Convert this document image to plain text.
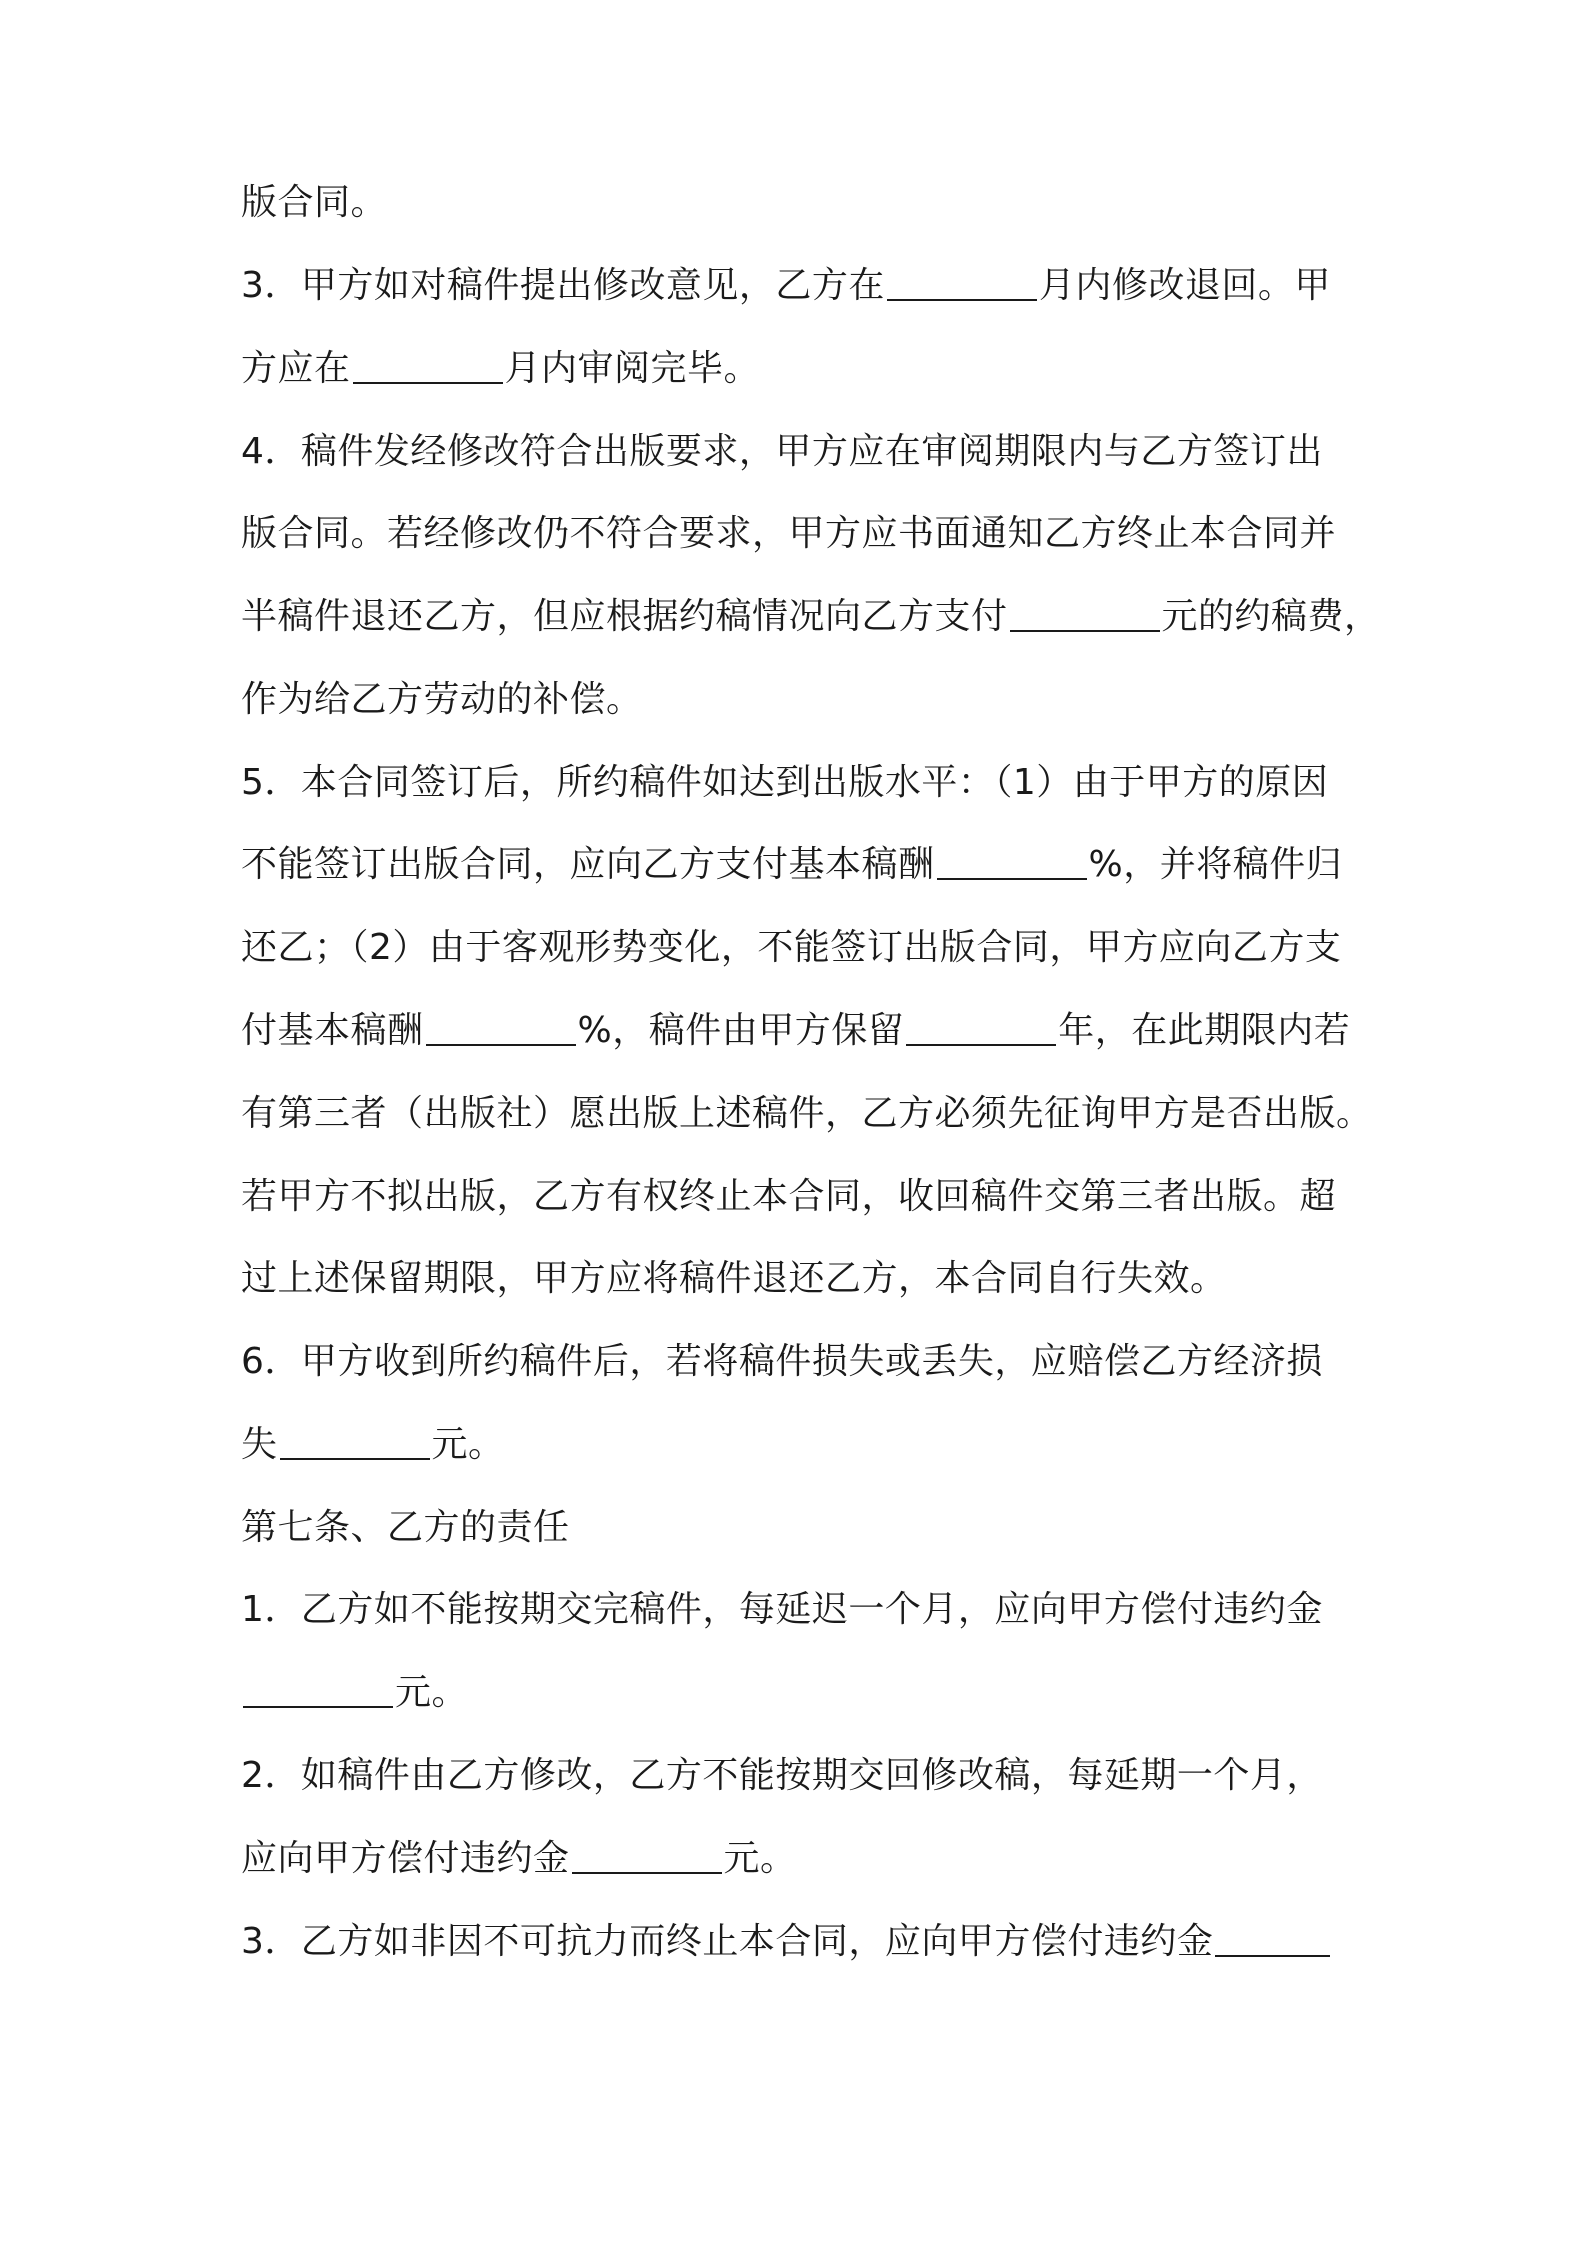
版合同。
3．甲方如对稿件提出修改意见，乙方在	月内修改退回。甲
方应在	月内审阅完毕。
4．稿件发经修改符合出版要求，甲方应在审阅期限内与乙方签订出
版合同。若经修改仍不符合要求，甲方应书面通知乙方终止本合同并
半稿件退还乙方，但应根据约稿情况向乙方支付	元的约稿费，
作为给乙方劳动的补偿。
5．本合同签订后，所约稿件如达到出版水平：（1）由于甲方的原因
不能签订出版合同，应向乙方支付基本稿酬	%，并将稿件归
还乙；（2）由于客观形势变化，不能签订出版合同，甲方应向乙方支
付基本稿酬	%，稿件由甲方保留	年，在此期限内若
有第三者（出版社）愿出版上述稿件，乙方必须先征询甲方是否出版。
若甲方不拟出版，乙方有权终止本合同，收回稿件交第三者出版。超
过上述保留期限，甲方应将稿件退还乙方，本合同自行失效。
6．甲方收到所约稿件后，若将稿件损失或丢失，应赔偿乙方经济损
失	元。
第七条、乙方的责任
1．乙方如不能按期交完稿件，每延迟一个月，应向甲方偿付违约金
元。
2．如稿件由乙方修改，乙方不能按期交回修改稿，每延期一个月，
应向甲方偿付违约金	元。
3．乙方如非因不可抗力而终止本合同，应向甲方偿付违约金
